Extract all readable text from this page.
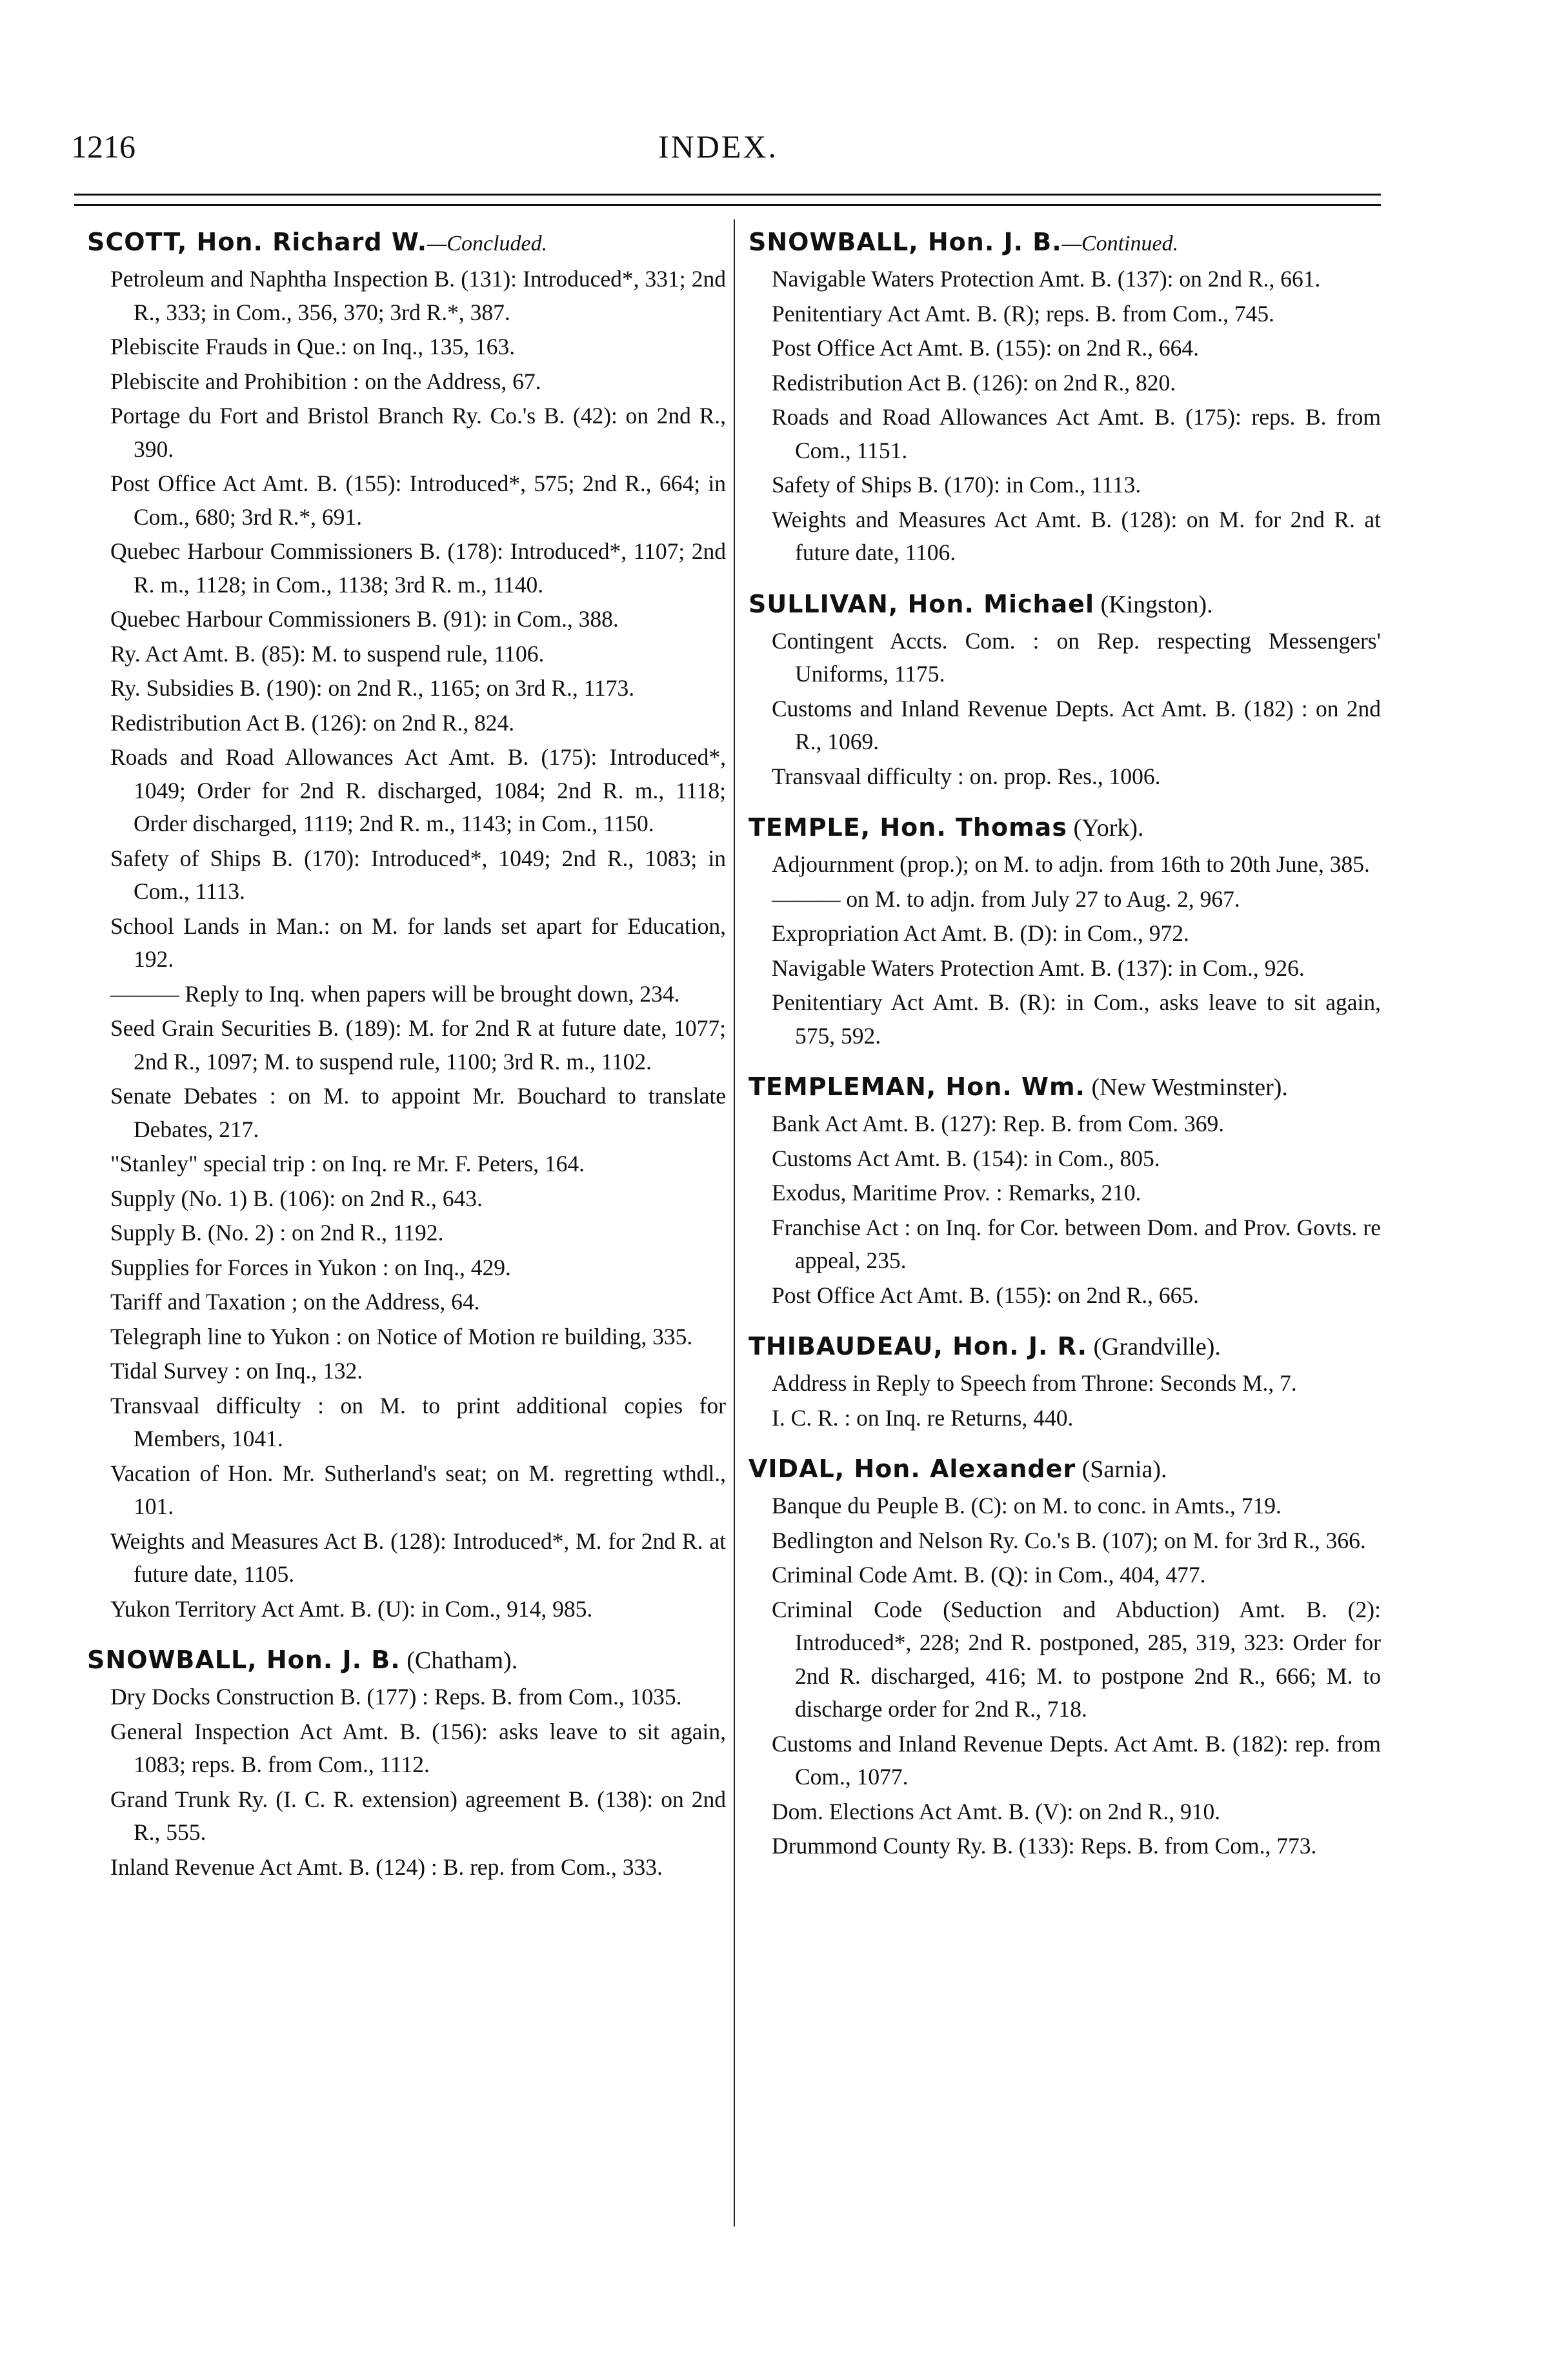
1216	INDEX.
SCOTT, Hon. Richard W.—Concluded.
Petroleum and Naphtha Inspection B. (131): Introduced*, 331; 2nd R., 333; in Com., 356, 370; 3rd R.*, 387.
Plebiscite Frauds in Que.: on Inq., 135, 163.
Plebiscite and Prohibition : on the Address, 67.
Portage du Fort and Bristol Branch Ry. Co.'s B. (42): on 2nd R., 390.
Post Office Act Amt. B. (155): Introduced*, 575; 2nd R., 664; in Com., 680; 3rd R.*, 691.
Quebec Harbour Commissioners B. (178): Introduced*, 1107; 2nd R. m., 1128; in Com., 1138; 3rd R. m., 1140.
Quebec Harbour Commissioners B. (91): in Com., 388.
Ry. Act Amt. B. (85): M. to suspend rule, 1106.
Ry. Subsidies B. (190): on 2nd R., 1165; on 3rd R., 1173.
Redistribution Act B. (126): on 2nd R., 824.
Roads and Road Allowances Act Amt. B. (175): Introduced*, 1049; Order for 2nd R. discharged, 1084; 2nd R. m., 1118; Order discharged, 1119; 2nd R. m., 1143; in Com., 1150.
Safety of Ships B. (170): Introduced*, 1049; 2nd R., 1083; in Com., 1113.
School Lands in Man.: on M. for lands set apart for Education, 192.
——— Reply to Inq. when papers will be brought down, 234.
Seed Grain Securities B. (189): M. for 2nd R at future date, 1077; 2nd R., 1097; M. to suspend rule, 1100; 3rd R. m., 1102.
Senate Debates : on M. to appoint Mr. Bouchard to translate Debates, 217.
"Stanley" special trip : on Inq. re Mr. F. Peters, 164.
Supply (No. 1) B. (106): on 2nd R., 643.
Supply B. (No. 2) : on 2nd R., 1192.
Supplies for Forces in Yukon : on Inq., 429.
Tariff and Taxation ; on the Address, 64.
Telegraph line to Yukon : on Notice of Motion re building, 335.
Tidal Survey : on Inq., 132.
Transvaal difficulty : on M. to print additional copies for Members, 1041.
Vacation of Hon. Mr. Sutherland's seat; on M. regretting wthdl., 101.
Weights and Measures Act B. (128): Introduced*, M. for 2nd R. at future date, 1105.
Yukon Territory Act Amt. B. (U): in Com., 914, 985.
SNOWBALL, Hon. J. B. (Chatham).
Dry Docks Construction B. (177) : Reps. B. from Com., 1035.
General Inspection Act Amt. B. (156): asks leave to sit again, 1083; reps. B. from Com., 1112.
Grand Trunk Ry. (I. C. R. extension) agreement B. (138): on 2nd R., 555.
Inland Revenue Act Amt. B. (124) : B. rep. from Com., 333.
SNOWBALL, Hon. J. B.—Continued.
Navigable Waters Protection Amt. B. (137): on 2nd R., 661.
Penitentiary Act Amt. B. (R); reps. B. from Com., 745.
Post Office Act Amt. B. (155): on 2nd R., 664.
Redistribution Act B. (126): on 2nd R., 820.
Roads and Road Allowances Act Amt. B. (175): reps. B. from Com., 1151.
Safety of Ships B. (170): in Com., 1113.
Weights and Measures Act Amt. B. (128): on M. for 2nd R. at future date, 1106.
SULLIVAN, Hon. Michael (Kingston).
Contingent Accts. Com. : on Rep. respecting Messengers' Uniforms, 1175.
Customs and Inland Revenue Depts. Act Amt. B. (182) : on 2nd R., 1069.
Transvaal difficulty : on. prop. Res., 1006.
TEMPLE, Hon. Thomas (York).
Adjournment (prop.); on M. to adjn. from 16th to 20th June, 385.
——— on M. to adjn. from July 27 to Aug. 2, 967.
Expropriation Act Amt. B. (D): in Com., 972.
Navigable Waters Protection Amt. B. (137): in Com., 926.
Penitentiary Act Amt. B. (R): in Com., asks leave to sit again, 575, 592.
TEMPLEMAN, Hon. Wm. (New Westminster).
Bank Act Amt. B. (127): Rep. B. from Com. 369.
Customs Act Amt. B. (154): in Com., 805.
Exodus, Maritime Prov. : Remarks, 210.
Franchise Act : on Inq. for Cor. between Dom. and Prov. Govts. re appeal, 235.
Post Office Act Amt. B. (155): on 2nd R., 665.
THIBAUDEAU, Hon. J. R. (Grandville).
Address in Reply to Speech from Throne: Seconds M., 7.
I. C. R. : on Inq. re Returns, 440.
VIDAL, Hon. Alexander (Sarnia).
Banque du Peuple B. (C): on M. to conc. in Amts., 719.
Bedlington and Nelson Ry. Co.'s B. (107); on M. for 3rd R., 366.
Criminal Code Amt. B. (Q): in Com., 404, 477.
Criminal Code (Seduction and Abduction) Amt. B. (2): Introduced*, 228; 2nd R. postponed, 285, 319, 323: Order for 2nd R. discharged, 416; M. to postpone 2nd R., 666; M. to discharge order for 2nd R., 718.
Customs and Inland Revenue Depts. Act Amt. B. (182): rep. from Com., 1077.
Dom. Elections Act Amt. B. (V): on 2nd R., 910.
Drummond County Ry. B. (133): Reps. B. from Com., 773.
